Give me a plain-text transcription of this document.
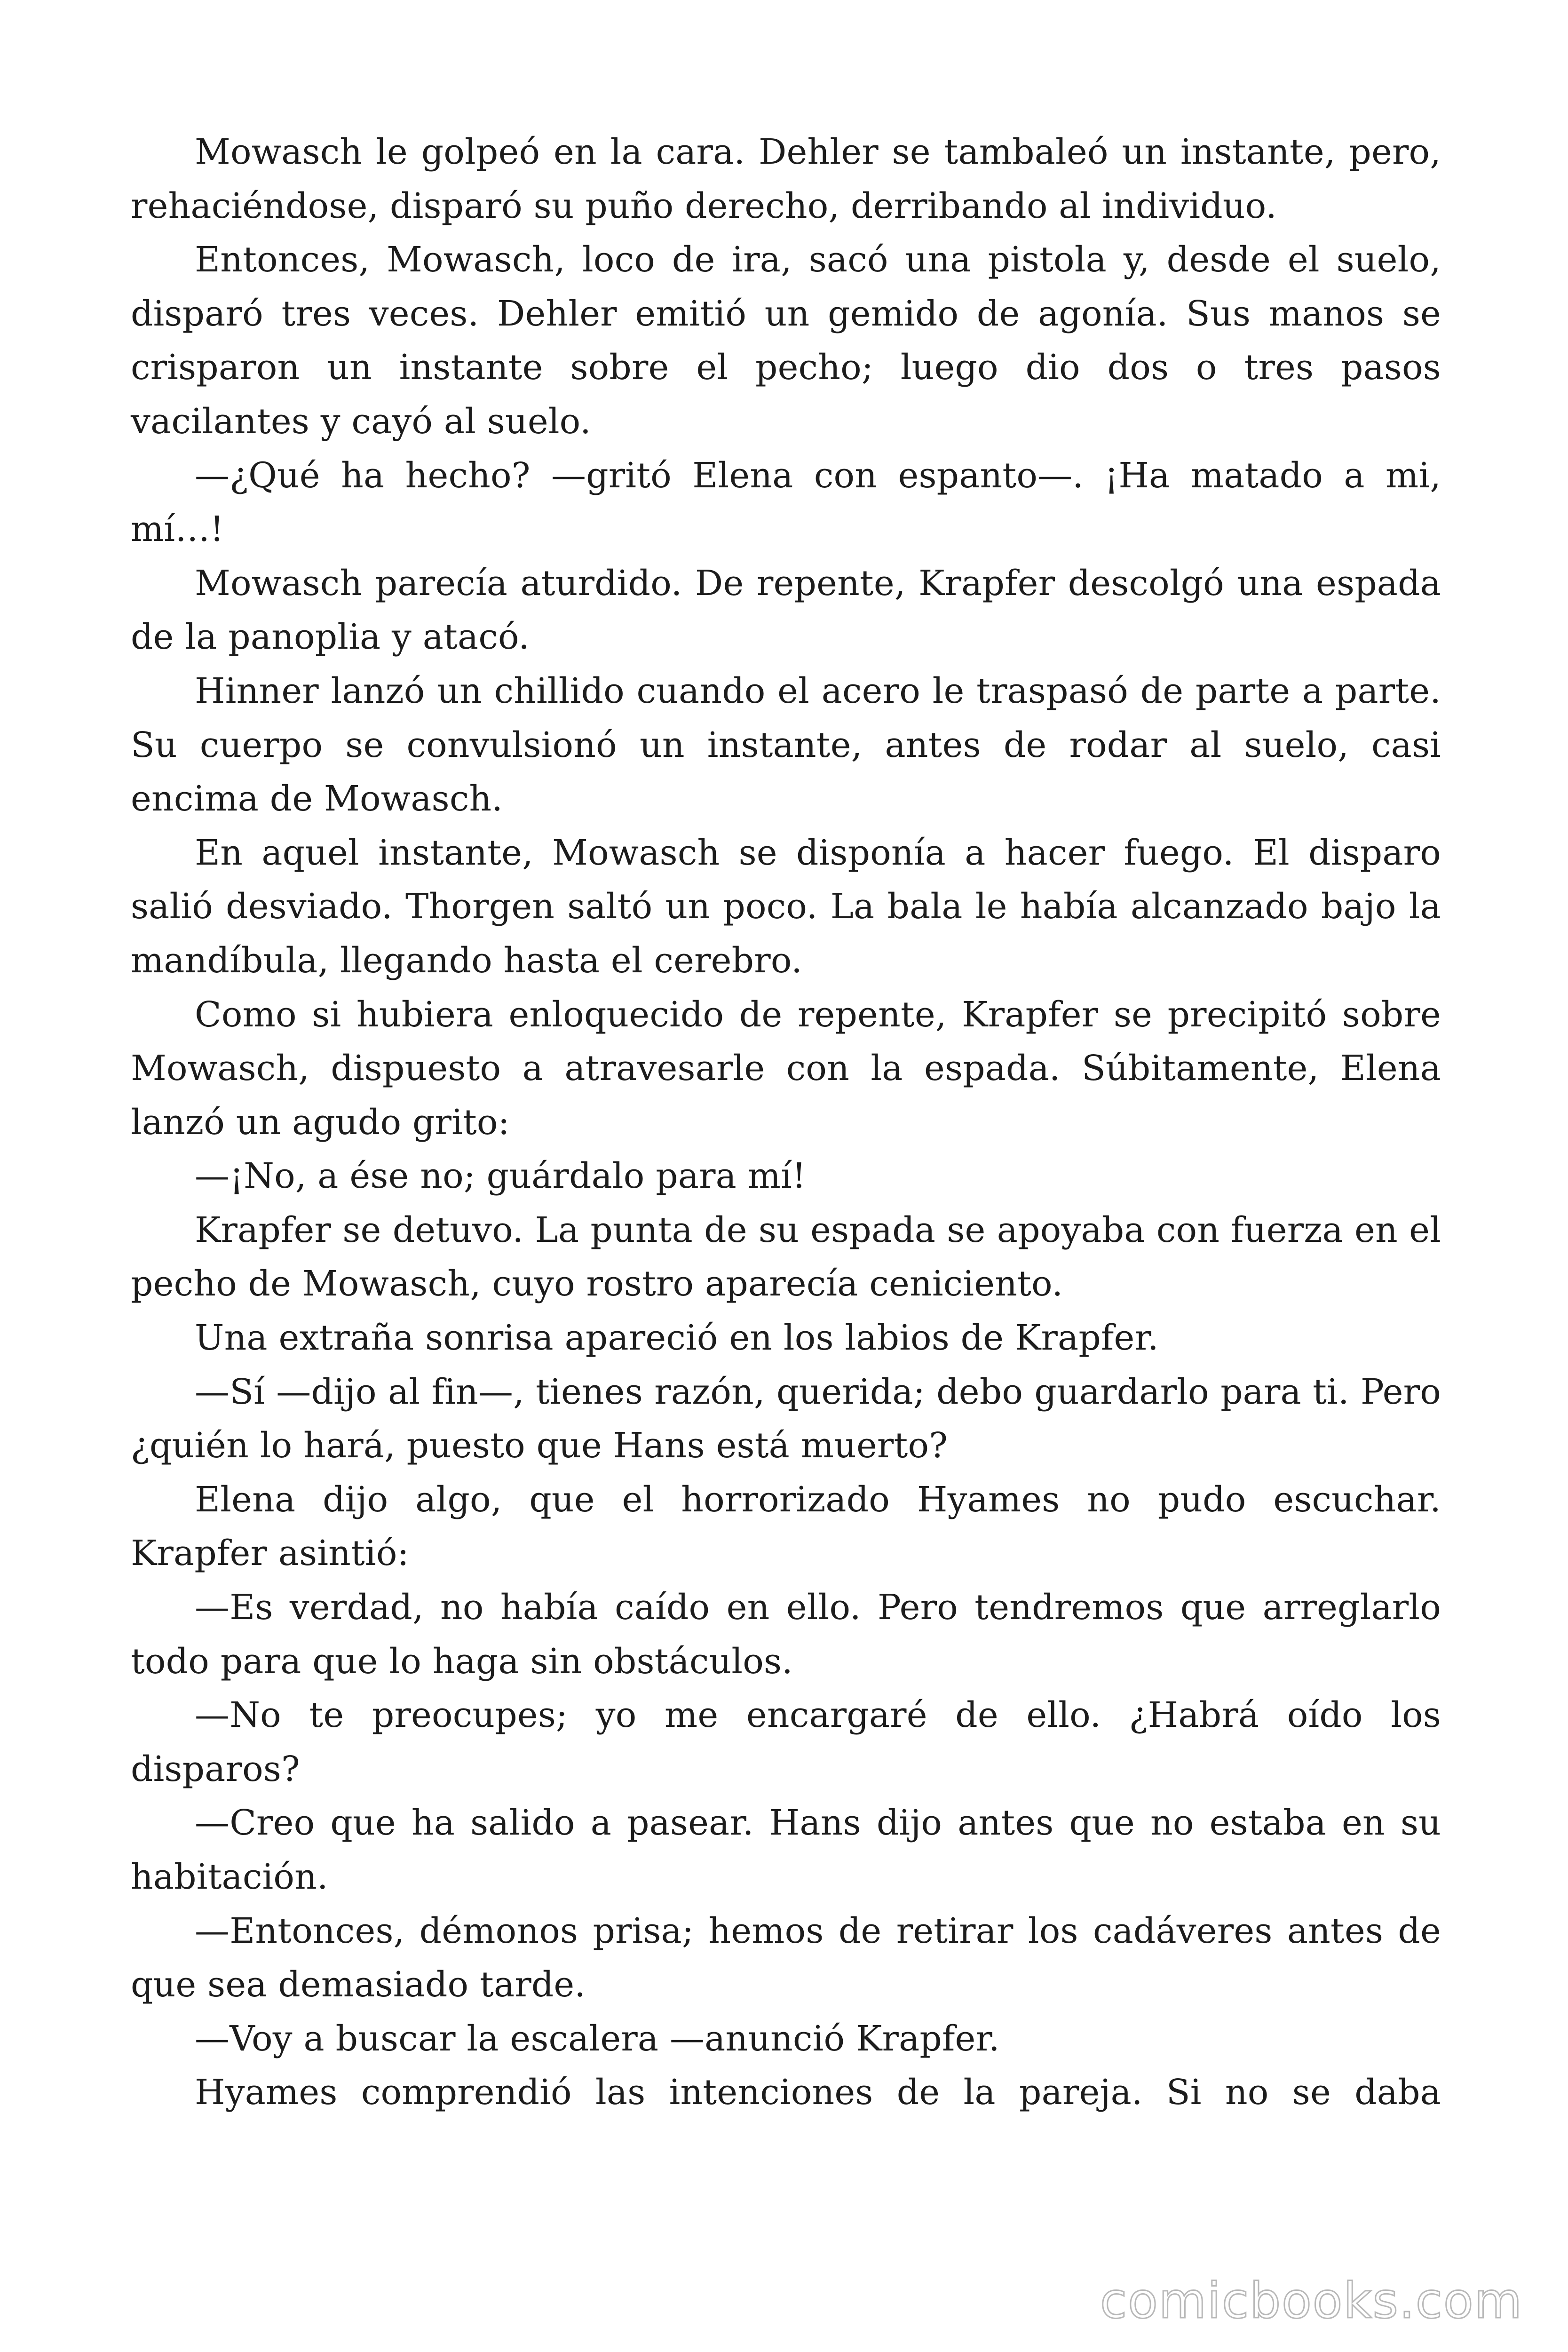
Mowasch le golpeó en la cara. Dehler se tambaleó un instante, pero, rehaciéndose, disparó su puño derecho, derribando al individuo.

Entonces, Mowasch, loco de ira, sacó una pistola y, desde el suelo, disparó tres veces. Dehler emitió un gemido de agonía. Sus manos se crisparon un instante sobre el pecho; luego dio dos o tres pasos vacilantes y cayó al suelo.

—¿Qué ha hecho? —gritó Elena con espanto—. ¡Ha matado a mi, mí…!

Mowasch parecía aturdido. De repente, Krapfer descolgó una espada de la panoplia y atacó.

Hinner lanzó un chillido cuando el acero le traspasó de parte a parte. Su cuerpo se convulsionó un instante, antes de rodar al suelo, casi encima de Mowasch.

En aquel instante, Mowasch se disponía a hacer fuego. El disparo salió desviado. Thorgen saltó un poco. La bala le había alcanzado bajo la mandíbula, llegando hasta el cerebro.

Como si hubiera enloquecido de repente, Krapfer se precipitó sobre Mowasch, dispuesto a atravesarle con la espada. Súbitamente, Elena lanzó un agudo grito:

—¡No, a ése no; guárdalo para mí!

Krapfer se detuvo. La punta de su espada se apoyaba con fuerza en el pecho de Mowasch, cuyo rostro aparecía ceniciento.

Una extraña sonrisa apareció en los labios de Krapfer.

—Sí —dijo al fin—, tienes razón, querida; debo guardarlo para ti. Pero ¿quién lo hará, puesto que Hans está muerto?

Elena dijo algo, que el horrorizado Hyames no pudo escuchar. Krapfer asintió:

—Es verdad, no había caído en ello. Pero tendremos que arreglarlo todo para que lo haga sin obstáculos.

—No te preocupes; yo me encargaré de ello. ¿Habrá oído los disparos?

—Creo que ha salido a pasear. Hans dijo antes que no estaba en su habitación.

—Entonces, démonos prisa; hemos de retirar los cadáveres antes de que sea demasiado tarde.

—Voy a buscar la escalera —anunció Krapfer.

Hyames comprendió las intenciones de la pareja. Si no se daba

comicbooks.com
